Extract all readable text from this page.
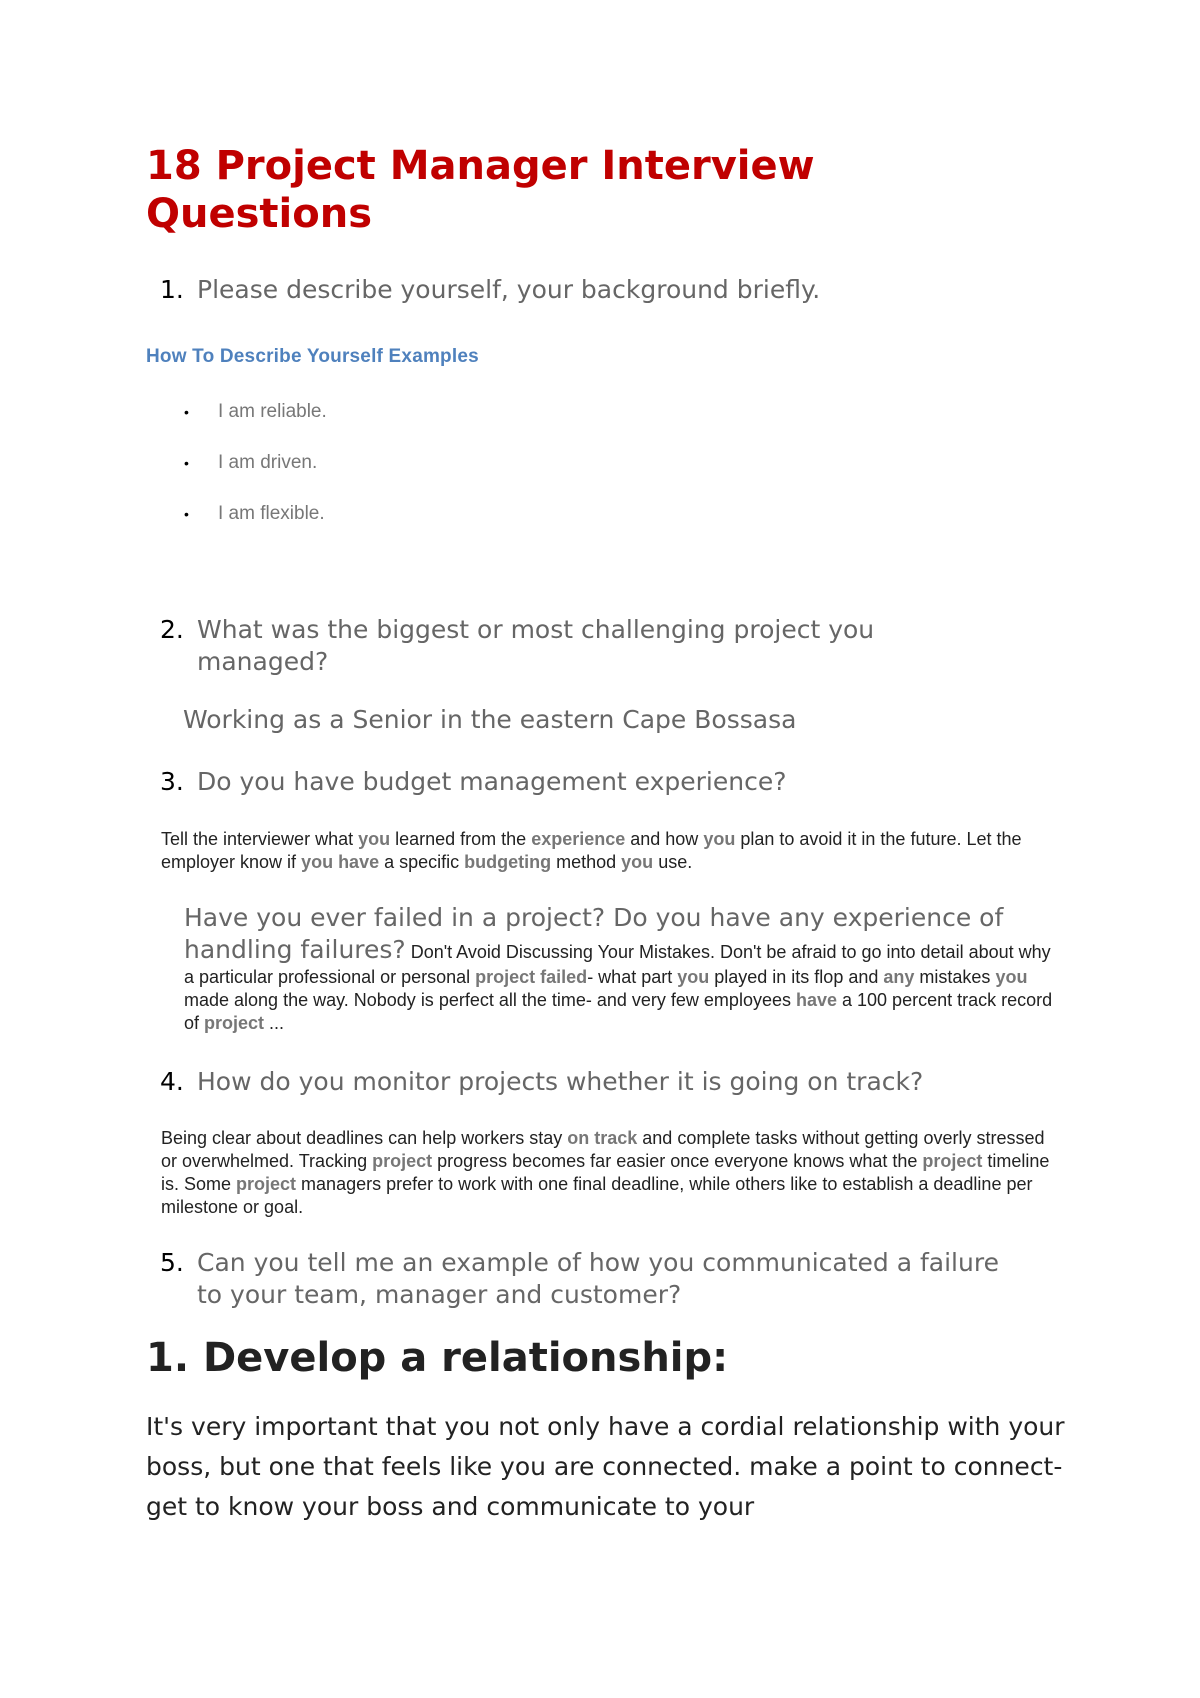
18 Project Manager Interview Questions
1. Please describe yourself, your background briefly.
How To Describe Yourself Examples
• I am reliable.
• I am driven.
• I am flexible.
2. What was the biggest or most challenging project you managed?
Working as a Senior in the eastern Cape Bossasa
3. Do you have budget management experience?

Tell the interviewer what you learned from the experience and how you plan to avoid it in the future. Let the employer know if you have a specific budgeting method you use.

Have you ever failed in a project? Do you have any experience of handling failures? Don't Avoid Discussing Your Mistakes. Don't be afraid to go into detail about why a particular professional or personal project failed- what part you played in its flop and any mistakes you made along the way. Nobody is perfect all the time- and very few employees have a 100 percent track record of project ...

4. How do you monitor projects whether it is going on track?

Being clear about deadlines can help workers stay on track and complete tasks without getting overly stressed or overwhelmed. Tracking project progress becomes far easier once everyone knows what the project timeline is. Some project managers prefer to work with one final deadline, while others like to establish a deadline per milestone or goal.

5. Can you tell me an example of how you communicated a failure to your team, manager and customer?
1. Develop a relationship:

It's very important that you not only have a cordial relationship with your boss, but one that feels like you are connected. make a point to connect- get to know your boss and communicate to your
